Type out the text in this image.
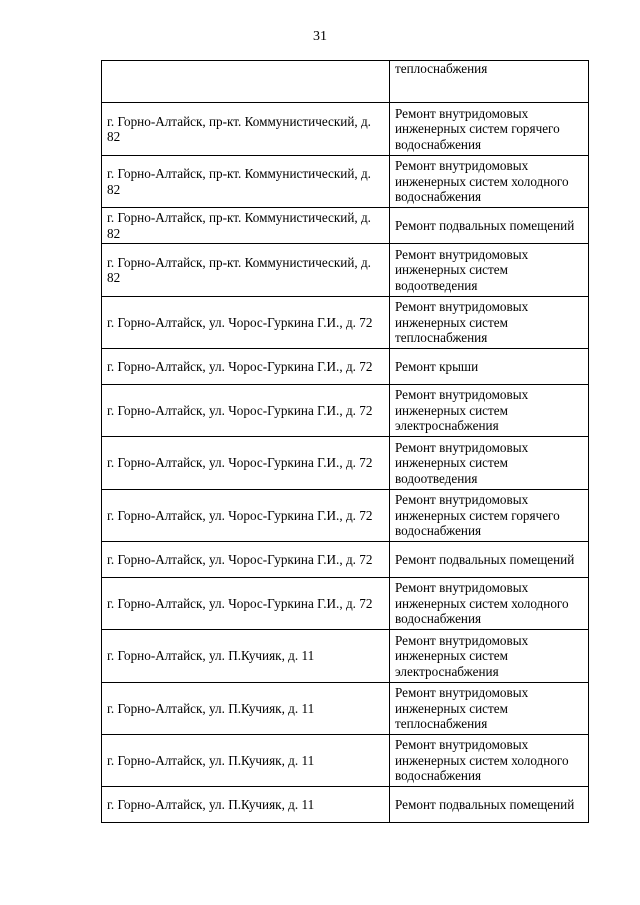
31
	теплоснабжения
г. Горно-Алтайск, пр-кт. Коммунистический, д. 82	Ремонт внутридомовых инженерных систем горячего водоснабжения
г. Горно-Алтайск, пр-кт. Коммунистический, д. 82	Ремонт внутридомовых инженерных систем холодного водоснабжения
г. Горно-Алтайск, пр-кт. Коммунистический, д. 82	Ремонт подвальных помещений
г. Горно-Алтайск, пр-кт. Коммунистический, д. 82	Ремонт внутридомовых инженерных систем водоотведения
г. Горно-Алтайск, ул. Чорос-Гуркина Г.И., д. 72	Ремонт внутридомовых инженерных систем теплоснабжения
г. Горно-Алтайск, ул. Чорос-Гуркина Г.И., д. 72	Ремонт крыши
г. Горно-Алтайск, ул. Чорос-Гуркина Г.И., д. 72	Ремонт внутридомовых инженерных систем электроснабжения
г. Горно-Алтайск, ул. Чорос-Гуркина Г.И., д. 72	Ремонт внутридомовых инженерных систем водоотведения
г. Горно-Алтайск, ул. Чорос-Гуркина Г.И., д. 72	Ремонт внутридомовых инженерных систем горячего водоснабжения
г. Горно-Алтайск, ул. Чорос-Гуркина Г.И., д. 72	Ремонт подвальных помещений
г. Горно-Алтайск, ул. Чорос-Гуркина Г.И., д. 72	Ремонт внутридомовых инженерных систем холодного водоснабжения
г. Горно-Алтайск, ул. П.Кучияк, д. 11	Ремонт внутридомовых инженерных систем электроснабжения
г. Горно-Алтайск, ул. П.Кучияк, д. 11	Ремонт внутридомовых инженерных систем теплоснабжения
г. Горно-Алтайск, ул. П.Кучияк, д. 11	Ремонт внутридомовых инженерных систем холодного водоснабжения
г. Горно-Алтайск, ул. П.Кучияк, д. 11	Ремонт подвальных помещений
